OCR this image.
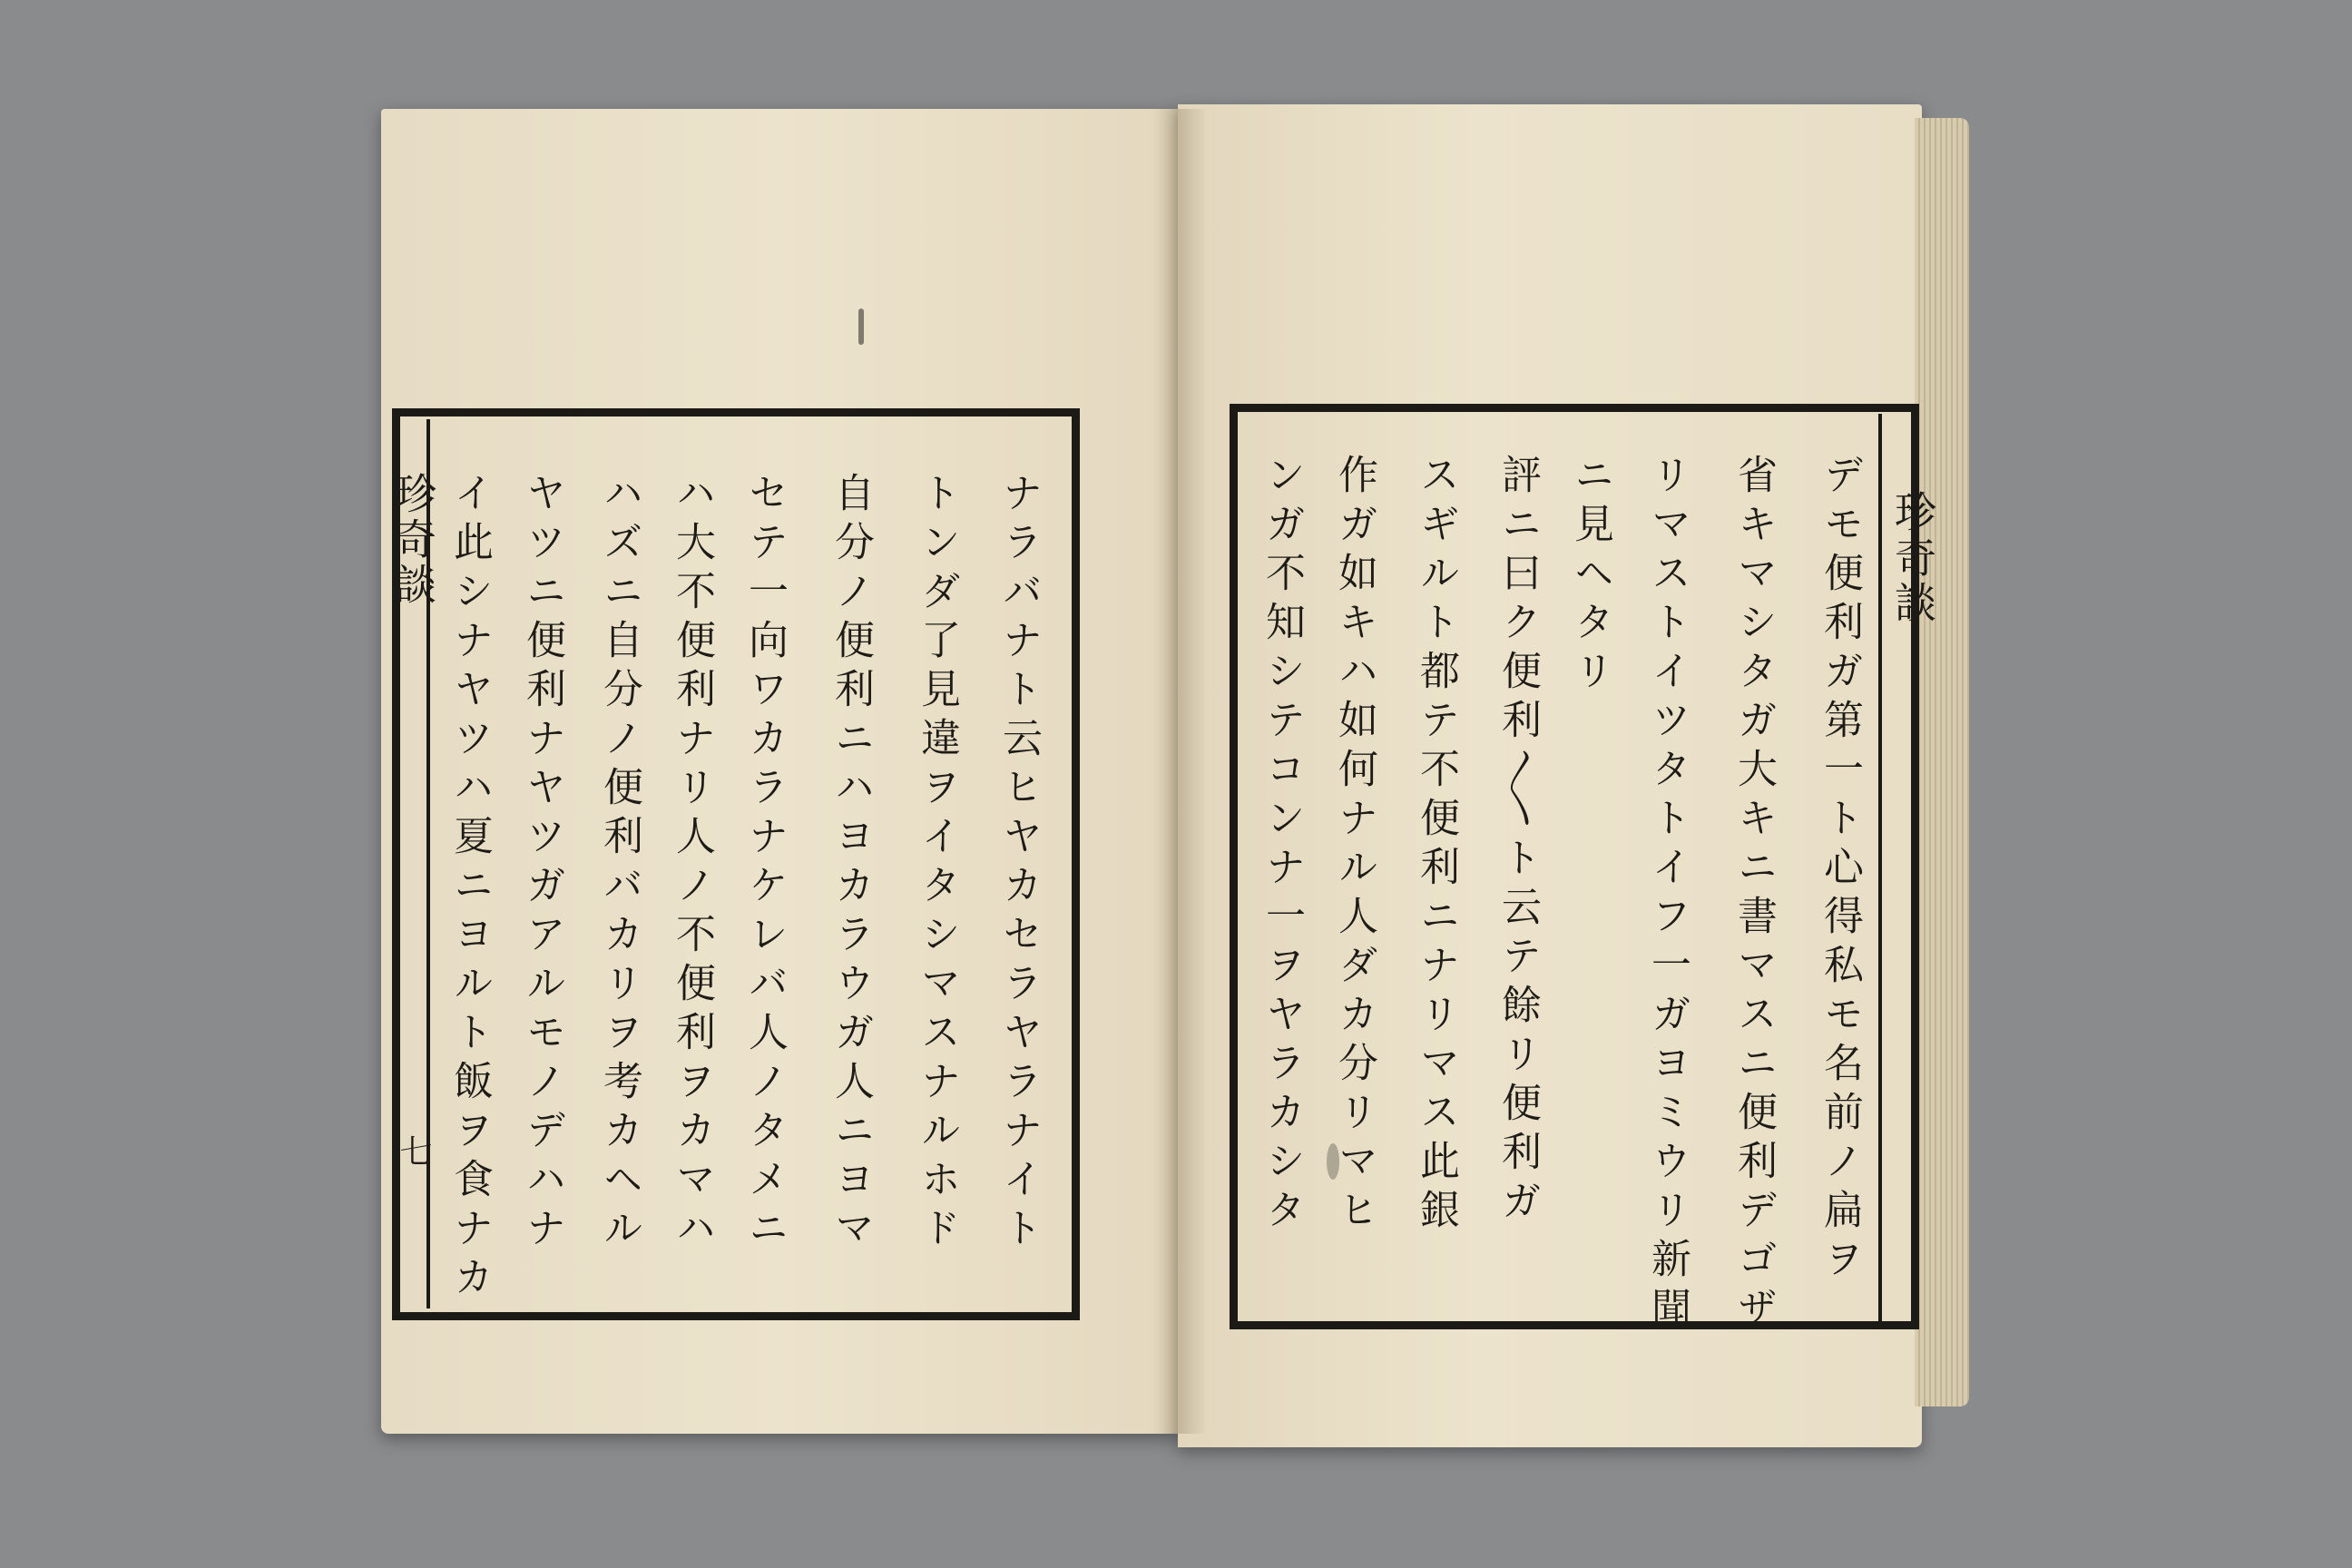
珍奇談
七	ナラバナト云ヒヤカセラヤラナイト
トンダ了見違ヲイタシマスナルホド
自分ノ便利ニハヨカラウガ人ニヨマ
セテ一向ワカラナケレバ人ノタメニ
ハ大不便利ナリ人ノ不便利ヲカマハ
ハズニ自分ノ便利バカリヲ考カヘル
ヤツニ便利ナヤツガアルモノデハナ
イ此シナヤツハ夏ニヨルト飯ヲ食ナカ	珍奇談
デモ便利ガ第一ト心得私モ名前ノ扁ヲ
省キマシタガ大キニ書マスニ便利デゴザ
リマストイツタトイフ一ガヨミウリ新聞
ニ見ヘタリ
評ニ曰ク便利〳〵ト云テ餘リ便利ガ
スギルト都テ不便利ニナリマス此銀
作ガ如キハ如何ナル人ダカ分リマヒ
ンガ不知シテコンナ一ヲヤラカシタ
